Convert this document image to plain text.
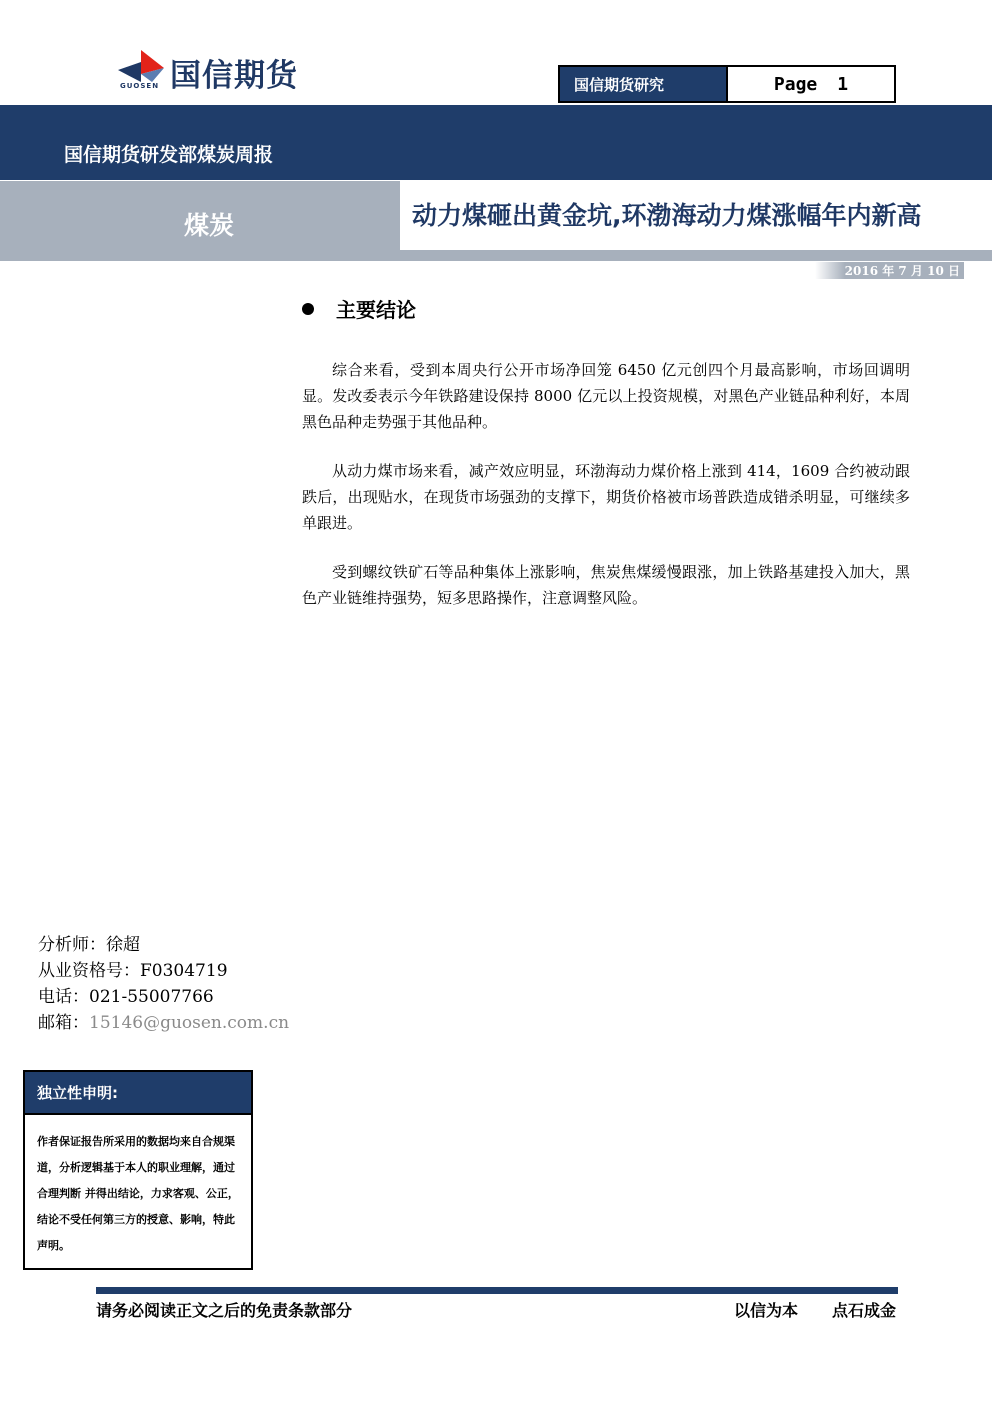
国信期货
GUOSEN	国信期货研究	Page 1
国信期货研发部煤炭周报
煤炭	动力煤砸出黄金坑,环渤海动力煤涨幅年内新高
2016 年 7 月 10 日
主要结论

综合来看，受到本周央行公开市场净回笼 6450 亿元创四个月最高影响，市场回调明显。发改委表示今年铁路建设保持 8000 亿元以上投资规模，对黑色产业链品种利好，本周黑色品种走势强于其他品种。

从动力煤市场来看，减产效应明显，环渤海动力煤价格上涨到 414，1609 合约被动跟跌后，出现贴水，在现货市场强劲的支撑下，期货价格被市场普跌造成错杀明显，可继续多单跟进。

受到螺纹铁矿石等品种集体上涨影响，焦炭焦煤缓慢跟涨，加上铁路基建投入加大，黑色产业链维持强势，短多思路操作，注意调整风险。

分析师：徐超
从业资格号：F0304719
电话：021-55007766
邮箱：15146@guosen.com.cn
独立性申明:
作者保证报告所采用的数据均来自合规渠道，分析逻辑基于本人的职业理解，通过合理判断 并得出结论，力求客观、公正，结论不受任何第三方的授意、影响，特此声明。
请务必阅读正文之后的免责条款部分	以信为本 点石成金
